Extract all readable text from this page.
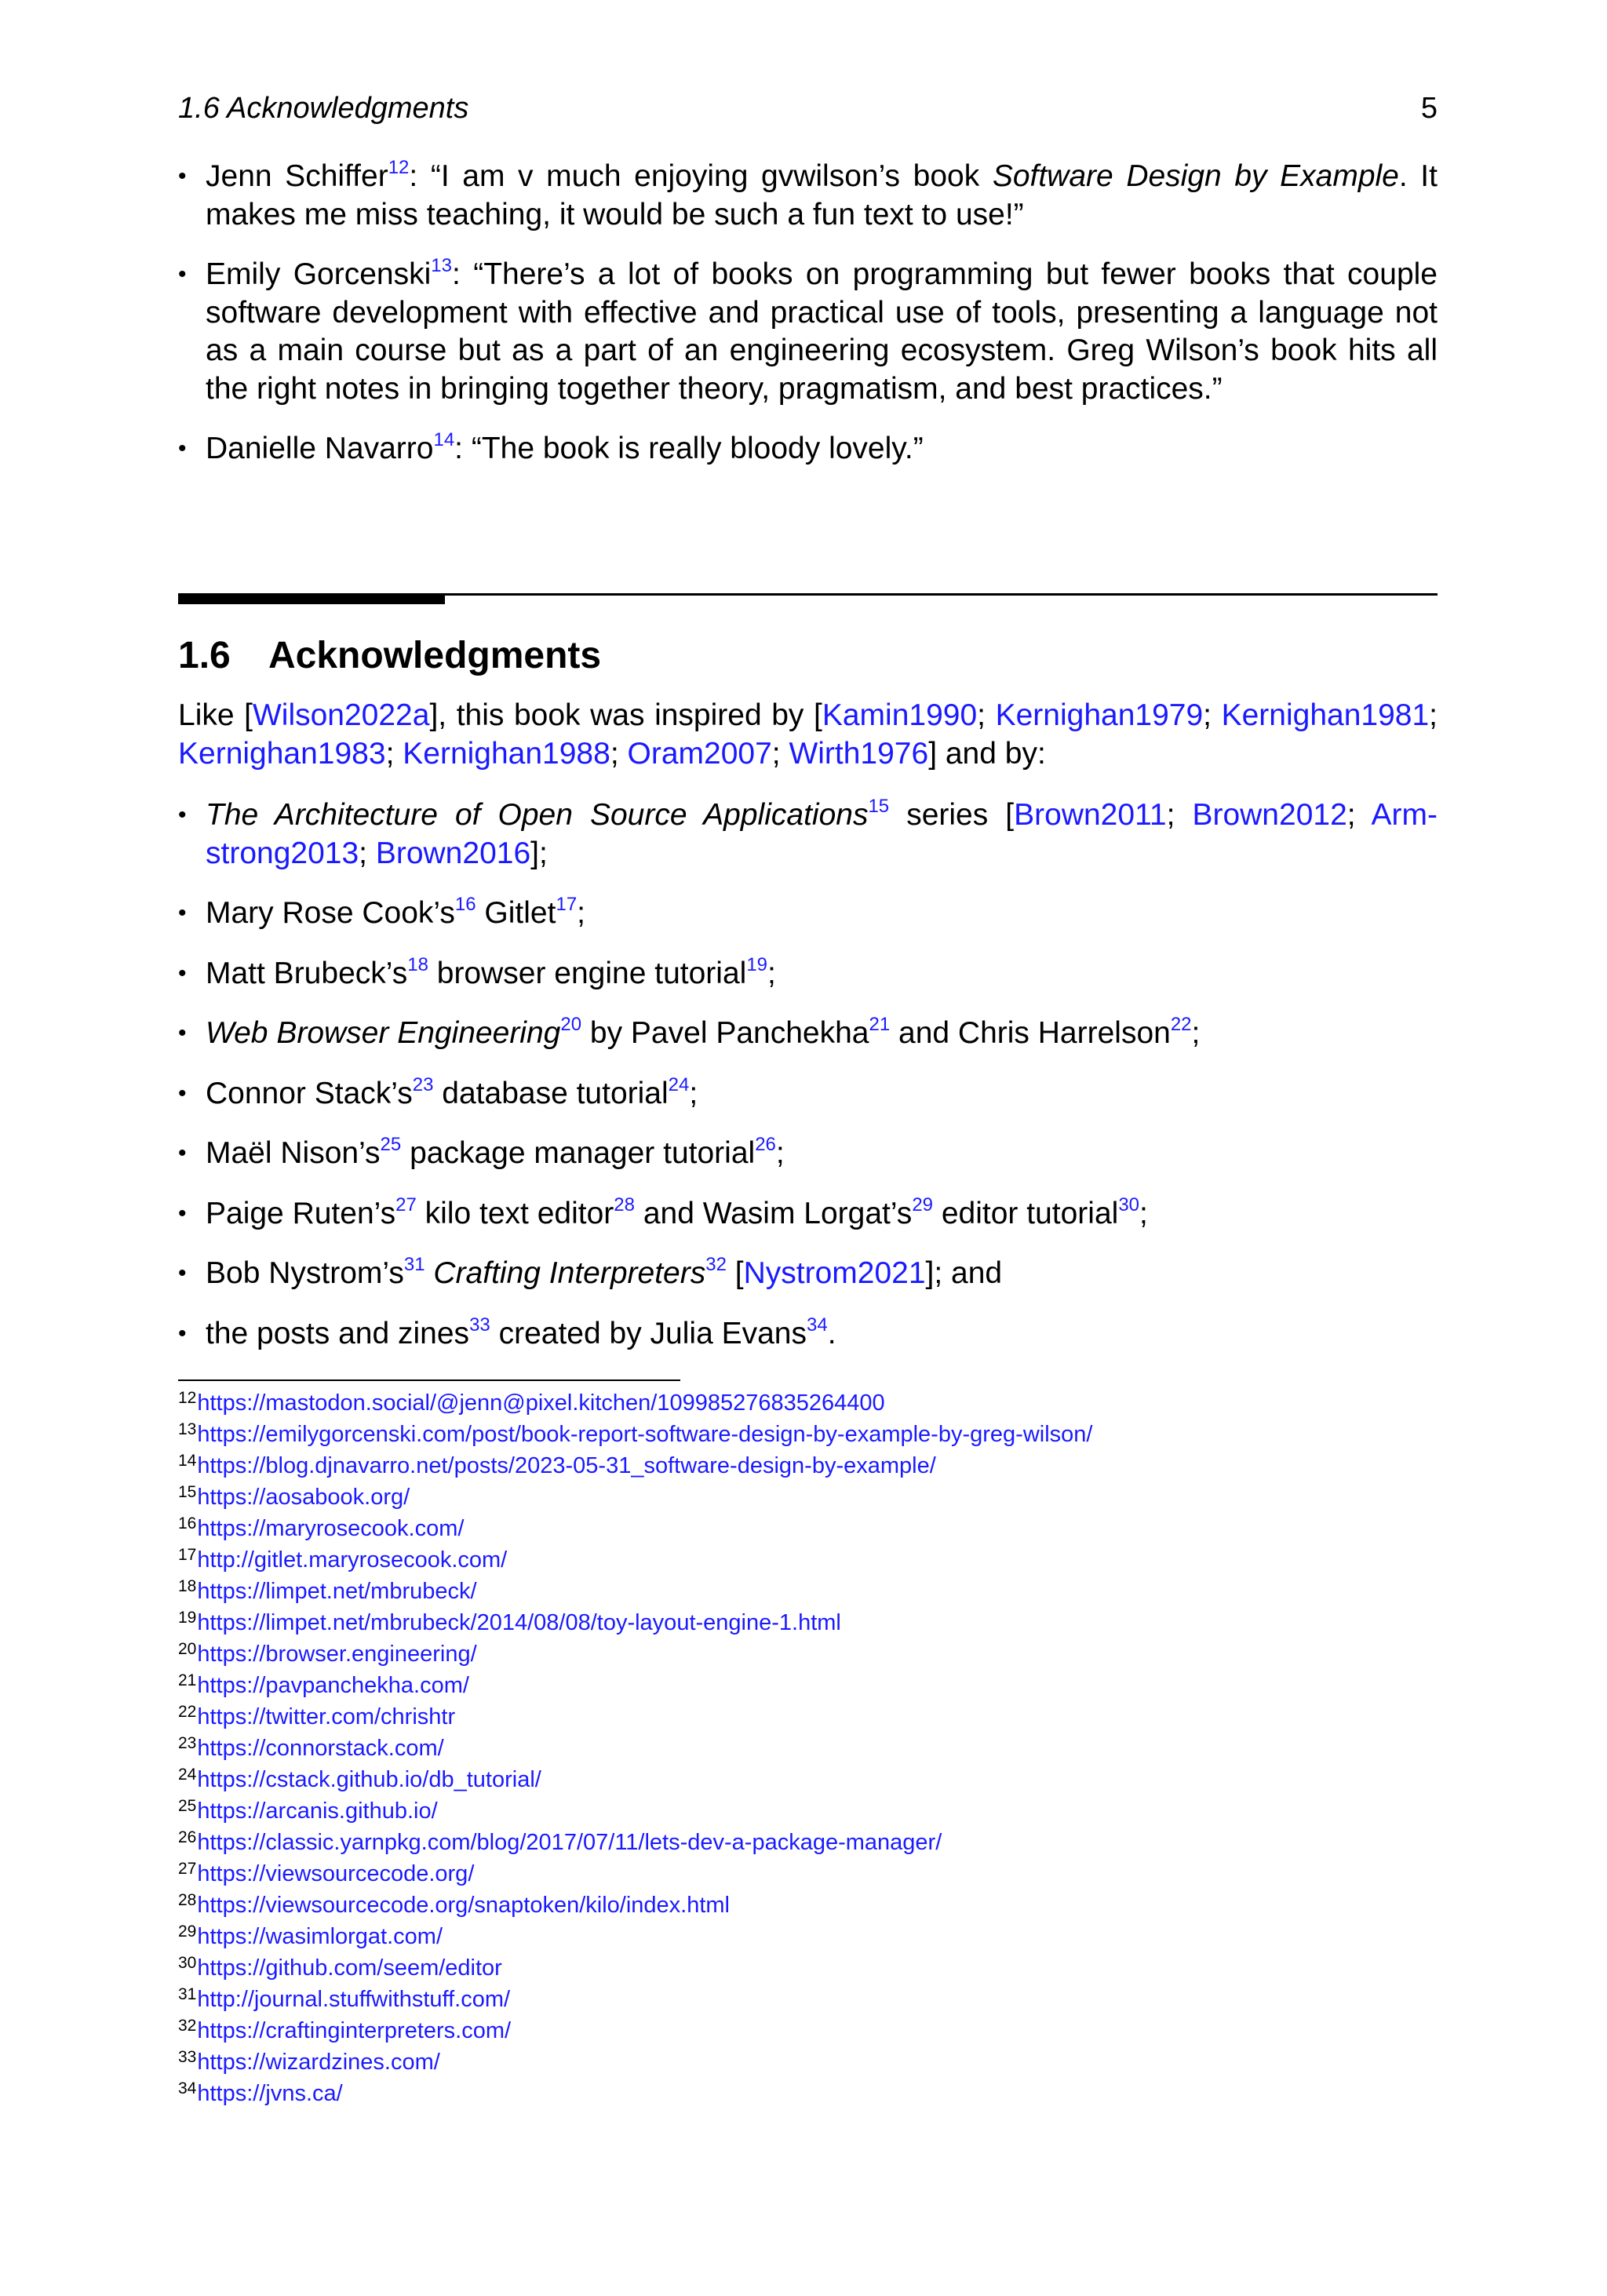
1.6 Acknowledgments	5
• Jenn Schiffer$^{12}$: “I am v much enjoying gvwilson’s book Software Design by Example. It makes me miss teaching, it would be such a fun text to use!”
• Emily Gorcenski$^{13}$: “There’s a lot of books on programming but fewer books that couple software development with effective and practical use of tools, presenting a language not as a main course but as a part of an engineering ecosystem. Greg Wilson’s book hits all the right notes in bringing together theory, pragmatism, and best practices.”
• Danielle Navarro$^{14}$: “The book is really bloody lovely.”
1.6 Acknowledgments

Like [Wilson2022a], this book was inspired by [Kamin1990; Kernighan1979; Kernighan1981; Kernighan1983; Kernighan1988; Oram2007; Wirth1976] and by:

• The Architecture of Open Source Applications$^{15}$ series [Brown2011; Brown2012; Arm-strong2013; Brown2016];
• Mary Rose Cook’s$^{16}$ Gitlet$^{17}$;
• Matt Brubeck’s$^{18}$ browser engine tutorial$^{19}$;
• Web Browser Engineering$^{20}$ by Pavel Panchekha$^{21}$ and Chris Harrelson$^{22}$;
• Connor Stack’s$^{23}$ database tutorial$^{24}$;
• Maël Nison’s$^{25}$ package manager tutorial$^{26}$;
• Paige Ruten’s$^{27}$ kilo text editor$^{28}$ and Wasim Lorgat’s$^{29}$ editor tutorial$^{30}$;
• Bob Nystrom’s$^{31}$ Crafting Interpreters$^{32}$ [Nystrom2021]; and
• the posts and zines$^{33}$ created by Julia Evans$^{34}$.
$^{12}$https://mastodon.social/@jenn@pixel.kitchen/109985276835264400
$^{13}$https://emilygorcenski.com/post/book-report-software-design-by-example-by-greg-wilson/
$^{14}$https://blog.djnavarro.net/posts/2023-05-31_software-design-by-example/
$^{15}$https://aosabook.org/
$^{16}$https://maryrosecook.com/
$^{17}$http://gitlet.maryrosecook.com/
$^{18}$https://limpet.net/mbrubeck/
$^{19}$https://limpet.net/mbrubeck/2014/08/08/toy-layout-engine-1.html
$^{20}$https://browser.engineering/
$^{21}$https://pavpanchekha.com/
$^{22}$https://twitter.com/chrishtr
$^{23}$https://connorstack.com/
$^{24}$https://cstack.github.io/db_tutorial/
$^{25}$https://arcanis.github.io/
$^{26}$https://classic.yarnpkg.com/blog/2017/07/11/lets-dev-a-package-manager/
$^{27}$https://viewsourcecode.org/
$^{28}$https://viewsourcecode.org/snaptoken/kilo/index.html
$^{29}$https://wasimlorgat.com/
$^{30}$https://github.com/seem/editor
$^{31}$http://journal.stuffwithstuff.com/
$^{32}$https://craftinginterpreters.com/
$^{33}$https://wizardzines.com/
$^{34}$https://jvns.ca/
